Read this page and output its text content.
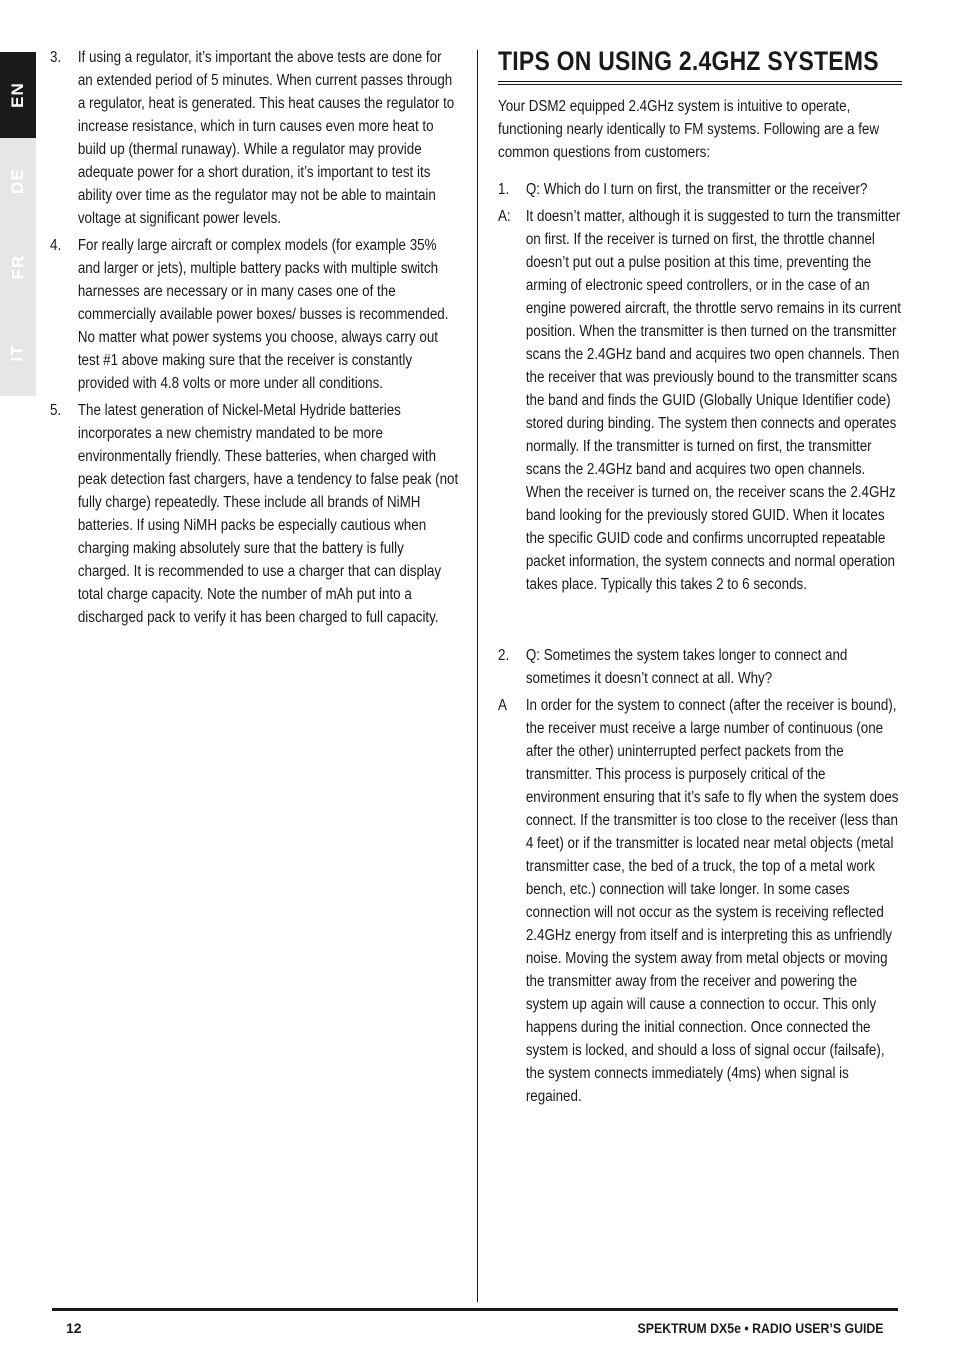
EN
DE
FR
IT
3.	If using a regulator, it’s important the above tests are done for an extended period of 5 minutes. When current passes through a regulator, heat is generated. This heat causes the regulator to increase resistance, which in turn causes even more heat to build up (thermal runaway). While a regulator may provide adequate power for a short duration, it’s important to test its ability over time as the regulator may not be able to maintain voltage at significant power levels.
4.	For really large aircraft or complex models (for example 35% and larger or jets), multiple battery packs with multiple switch harnesses are necessary or in many cases one of the commercially available power boxes/ busses is recommended. No matter what power systems you choose, always carry out test #1 above making sure that the receiver is constantly provided with 4.8 volts or more under all conditions.
5.	The latest generation of Nickel-Metal Hydride batteries incorporates a new chemistry mandated to be more environmentally friendly. These batteries, when charged with peak detection fast chargers, have a tendency to false peak (not fully charge) repeatedly. These include all brands of NiMH batteries. If using NiMH packs be especially cautious when charging making absolutely sure that the battery is fully charged. It is recommended to use a charger that can display total charge capacity. Note the number of mAh put into a discharged pack to verify it has been charged to full capacity.
TIPS ON USING 2.4GHZ SYSTEMS
Your DSM2 equipped 2.4GHz system is intuitive to operate, functioning nearly identically to FM systems. Following are a few common questions from customers:
1.	Q: Which do I turn on first, the transmitter or the receiver?
A: It doesn’t matter, although it is suggested to turn the transmitter on first. If the receiver is turned on first, the throttle channel doesn’t put out a pulse position at this time, preventing the arming of electronic speed controllers, or in the case of an engine powered aircraft, the throttle servo remains in its current position. When the transmitter is then turned on the transmitter scans the 2.4GHz band and acquires two open channels. Then the receiver that was previously bound to the transmitter scans the band and finds the GUID (Globally Unique Identifier code) stored during binding. The system then connects and operates normally. If the transmitter is turned on first, the transmitter scans the 2.4GHz band and acquires two open channels. When the receiver is turned on, the receiver scans the 2.4GHz band looking for the previously stored GUID. When it locates the specific GUID code and confirms uncorrupted repeatable packet information, the system connects and normal operation takes place. Typically this takes 2 to 6 seconds.
2.	Q: Sometimes the system takes longer to connect and sometimes it doesn’t connect at all. Why?
A	In order for the system to connect (after the receiver is bound), the receiver must receive a large number of continuous (one after the other) uninterrupted perfect packets from the transmitter. This process is purposely critical of the environment ensuring that it’s safe to fly when the system does connect. If the transmitter is too close to the receiver (less than 4 feet) or if the transmitter is located near metal objects (metal transmitter case, the bed of a truck, the top of a metal work bench, etc.) connection will take longer. In some cases connection will not occur as the system is receiving reflected 2.4GHz energy from itself and is interpreting this as unfriendly noise. Moving the system away from metal objects or moving the transmitter away from the receiver and powering the system up again will cause a connection to occur. This only happens during the initial connection. Once connected the system is locked, and should a loss of signal occur (failsafe), the system connects immediately (4ms) when signal is regained.
12	SPEKTRUM DX5e • RADIO USER’S GUIDE
